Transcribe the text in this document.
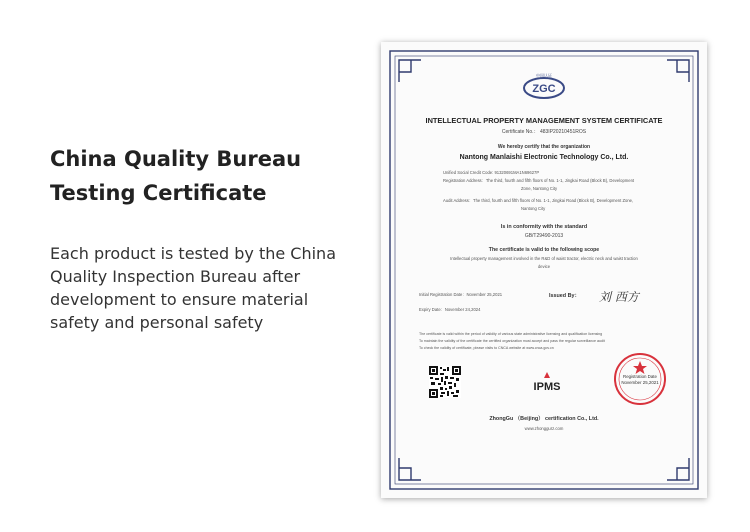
China Quality Bureau
Testing Certificate
Each product is tested by the China
Quality Inspection Bureau after
development to ensure material
safety and personal safety
ZGC
中国认证
INTELLECTUAL PROPERTY MANAGEMENT SYSTEM CERTIFICATE
Certificate No.： 483IP20210451ROS
We hereby certify that the organization
Nantong Manlaishi Electronic Technology Co., Ltd.
Unified Social Credit Code: 91320691MA1N69627P
Registration Address：The third, fourth and fifth floors of No. 1-1, Jingkai Road (Block B), Development
Zone, Nantong City
Audit Address：The third, fourth and fifth floors of No. 1-1, Jingkai Road (Block B), Development Zone,
Nantong City
Is in conformity with the standard
GB/T29490-2013
The certificate is valid to the following scope
Intellectual property management involved in the R&D of waist tractor, electric neck and waist traction
device
Initial Registration Date：November 25,2021
Expiry Date：November 24,2024
Issued By： 刘 西方
The certificate is valid within the period of validity of various state administrative licensing and qualification licensing
To maintain the validity of the certificate the certified organization must accept and pass the regular surveillance audit
To check the validity of certificate, please visits to CNCA website at www.cnca.gov.cn
IPMS
Registration Date
November 25,2021
ZhongGu （Beijing） certification Co., Ltd.
www.zhonggurz.com
